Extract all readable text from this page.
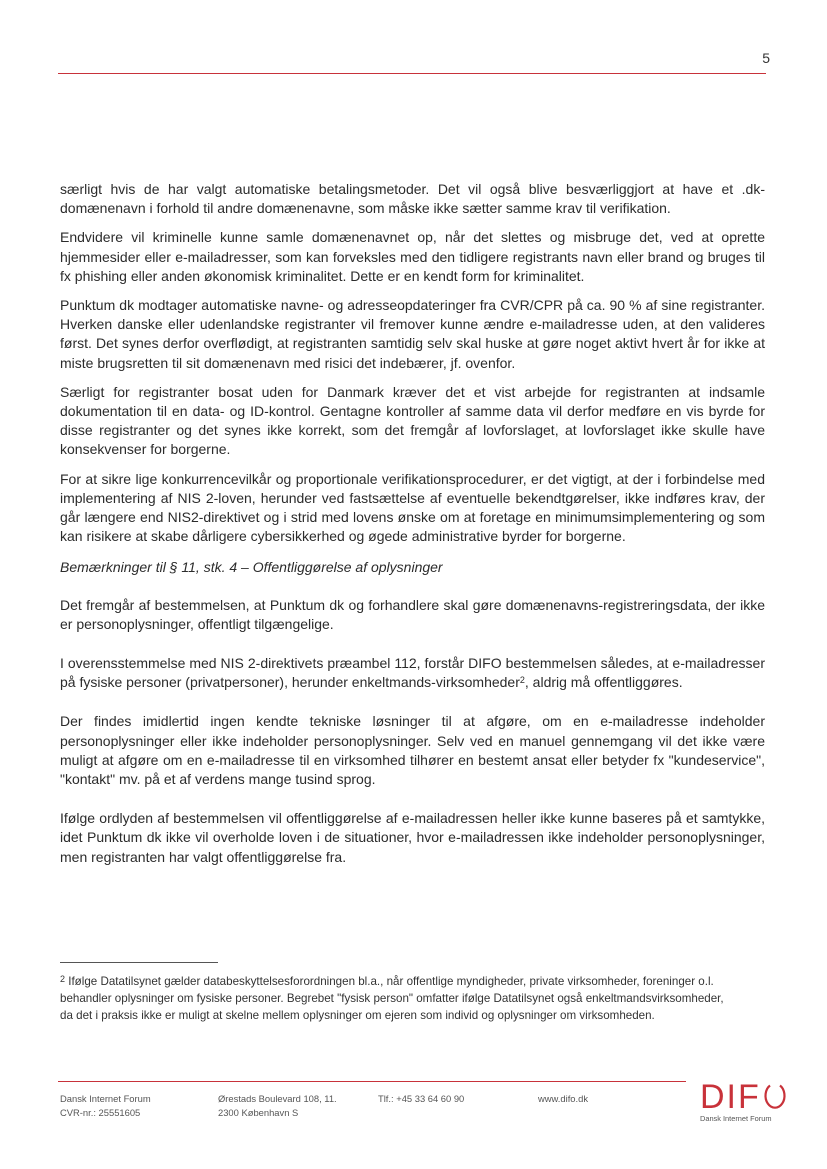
5

særligt hvis de har valgt automatiske betalingsmetoder. Det vil også blive besværliggjort at have et .dk-domænenavn i forhold til andre domænenavne, som måske ikke sætter samme krav til verifikation.

Endvidere vil kriminelle kunne samle domænenavnet op, når det slettes og misbruge det, ved at oprette hjemmesider eller e-mailadresser, som kan forveksles med den tidligere registrants navn eller brand og bruges til fx phishing eller anden økonomisk kriminalitet. Dette er en kendt form for kriminalitet.

Punktum dk modtager automatiske navne- og adresseopdateringer fra CVR/CPR på ca. 90 % af sine registranter. Hverken danske eller udenlandske registranter vil fremover kunne ændre e-mailadresse uden, at den valideres først. Det synes derfor overflødigt, at registranten samtidig selv skal huske at gøre noget aktivt hvert år for ikke at miste brugsretten til sit domænenavn med risici det indebærer, jf. ovenfor.

Særligt for registranter bosat uden for Danmark kræver det et vist arbejde for registranten at indsamle dokumentation til en data- og ID-kontrol. Gentagne kontroller af samme data vil derfor medføre en vis byrde for disse registranter og det synes ikke korrekt, som det fremgår af lovforslaget, at lovforslaget ikke skulle have konsekvenser for borgerne.

For at sikre lige konkurrencevilkår og proportionale verifikationsprocedurer, er det vigtigt, at der i forbindelse med implementering af NIS 2-loven, herunder ved fastsættelse af eventuelle bekendtgørelser, ikke indføres krav, der går længere end NIS2-direktivet og i strid med lovens ønske om at foretage en minimumsimplementering og som kan risikere at skabe dårligere cybersikkerhed og øgede administrative byrder for borgerne.

Bemærkninger til § 11, stk. 4 – Offentliggørelse af oplysninger

Det fremgår af bestemmelsen, at Punktum dk og forhandlere skal gøre domænenavns-registreringsdata, der ikke er personoplysninger, offentligt tilgængelige.

I overensstemmelse med NIS 2-direktivets præambel 112, forstår DIFO bestemmelsen således, at e-mailadresser på fysiske personer (privatpersoner), herunder enkeltmands-virksomheder$^2$, aldrig må offentliggøres.

Der findes imidlertid ingen kendte tekniske løsninger til at afgøre, om en e-mailadresse indeholder personoplysninger eller ikke indeholder personoplysninger. Selv ved en manuel gennemgang vil det ikke være muligt at afgøre om en e-mailadresse til en virksomhed tilhører en bestemt ansat eller betyder fx "kundeservice", "kontakt" mv. på et af verdens mange tusind sprog.

Ifølge ordlyden af bestemmelsen vil offentliggørelse af e-mailadressen heller ikke kunne baseres på et samtykke, idet Punktum dk ikke vil overholde loven i de situationer, hvor e-mailadressen ikke indeholder personoplysninger, men registranten har valgt offentliggørelse fra.

$^2$ Ifølge Datatilsynet gælder databeskyttelsesforordningen bl.a., når offentlige myndigheder, private virksomheder, foreninger o.l. behandler oplysninger om fysiske personer. Begrebet "fysisk person" omfatter ifølge Datatilsynet også enkeltmandsvirksomheder, da det i praksis ikke er muligt at skelne mellem oplysninger om ejeren som individ og oplysninger om virksomheden.
Dansk Internet Forum
CVR-nr.: 25551605
Ørestads Boulevard 108, 11.
2300 København S
Tlf.: +45 33 64 60 90	www.difo.dk	DIF
Dansk Internet Forum
